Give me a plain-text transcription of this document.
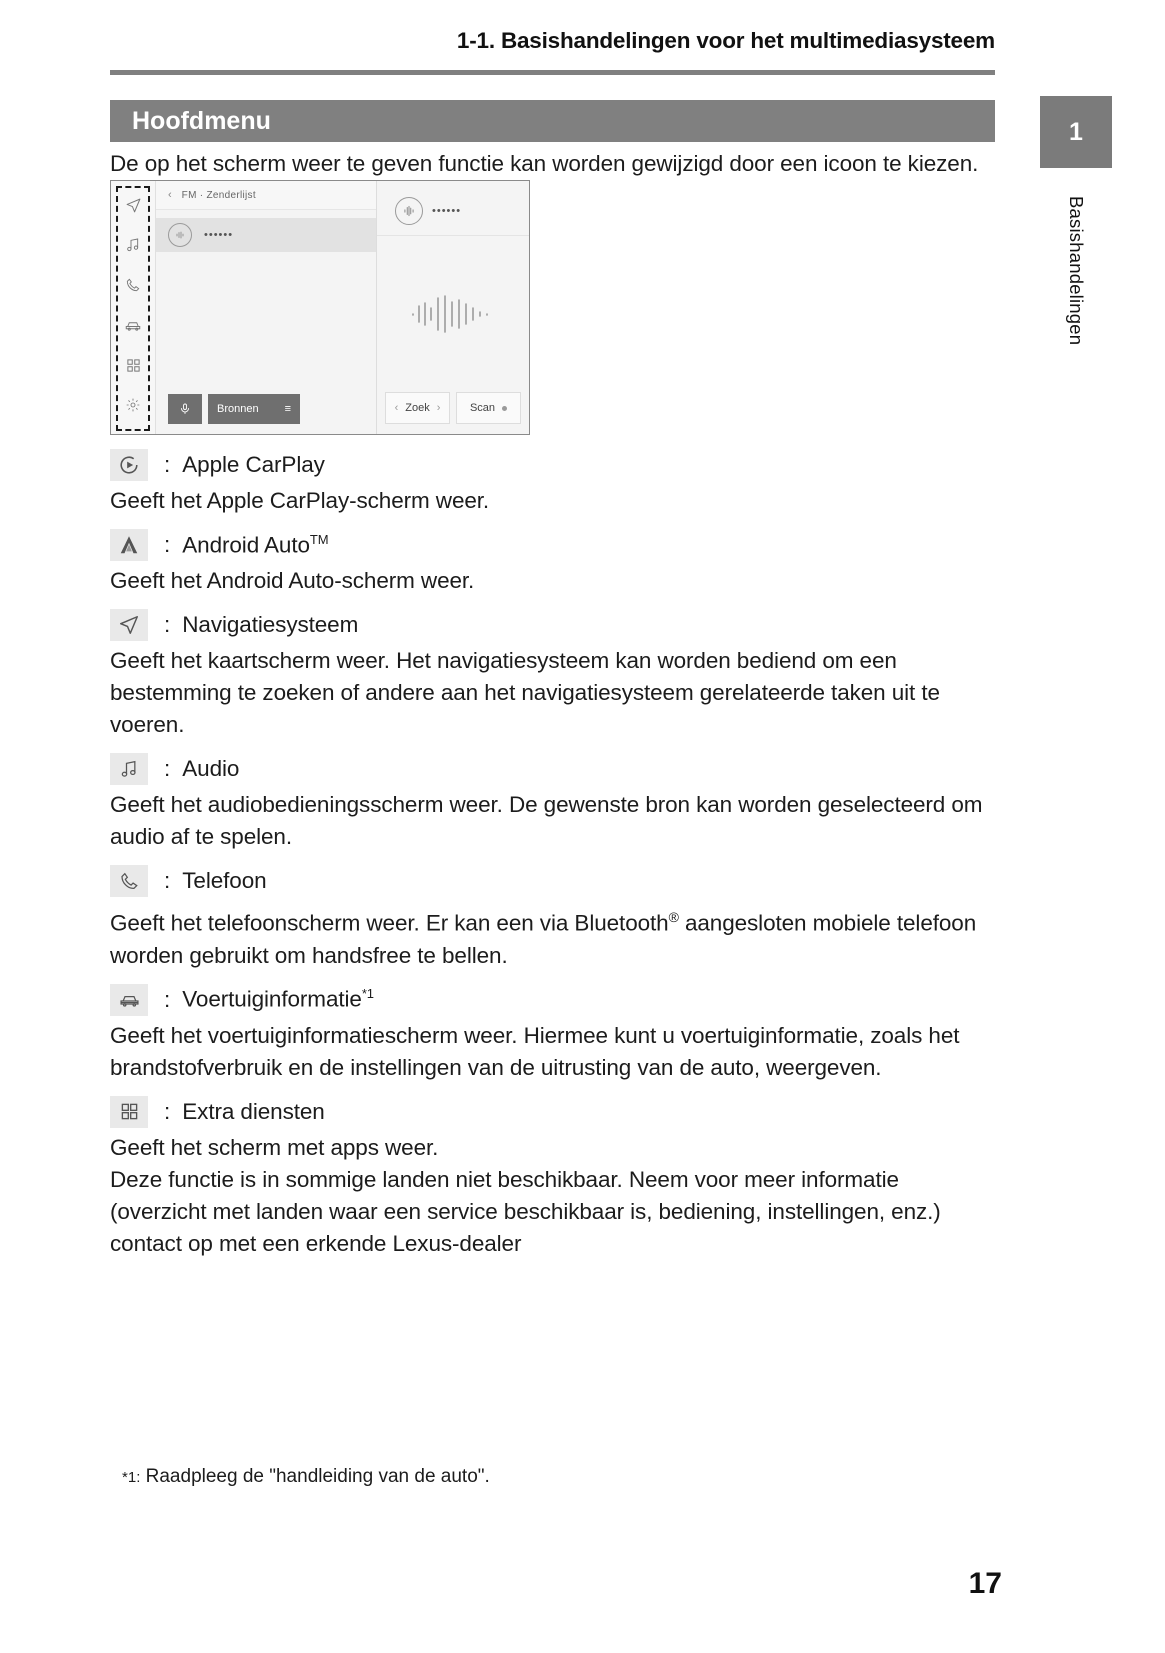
1-1. Basishandelingen voor het multimediasysteem
1
Basishandelingen
Hoofdmenu

De op het scherm weer te geven functie kan worden gewijzigd door een icoon te kiezen.

‹ FM · Zenderlijst
••••••
Bronnen ≡
••••••
‹ Zoek ›	Scan
: Apple CarPlay

Geeft het Apple CarPlay-scherm weer.

: Android Auto™

Geeft het Android Auto-scherm weer.

: Navigatiesysteem

Geeft het kaartscherm weer. Het navigatiesysteem kan worden bediend om een bestemming te zoeken of andere aan het navigatiesysteem gerelateerde taken uit te voeren.

: Audio

Geeft het audiobedieningsscherm weer. De gewenste bron kan worden geselecteerd om audio af te spelen.

: Telefoon

Geeft het telefoonscherm weer. Er kan een via Bluetooth® aangesloten mobiele telefoon worden gebruikt om handsfree te bellen.

: Voertuiginformatie$^{*1}$

Geeft het voertuiginformatiescherm weer. Hiermee kunt u voertuiginformatie, zoals het brandstofverbruik en de instellingen van de uitrusting van de auto, weergeven.

: Extra diensten

Geeft het scherm met apps weer.

Deze functie is in sommige landen niet beschikbaar. Neem voor meer informatie (overzicht met landen waar een service beschikbaar is, bediening, instellingen, enz.) contact op met een erkende Lexus-dealer

*1: Raadpleeg de "handleiding van de auto".
17
